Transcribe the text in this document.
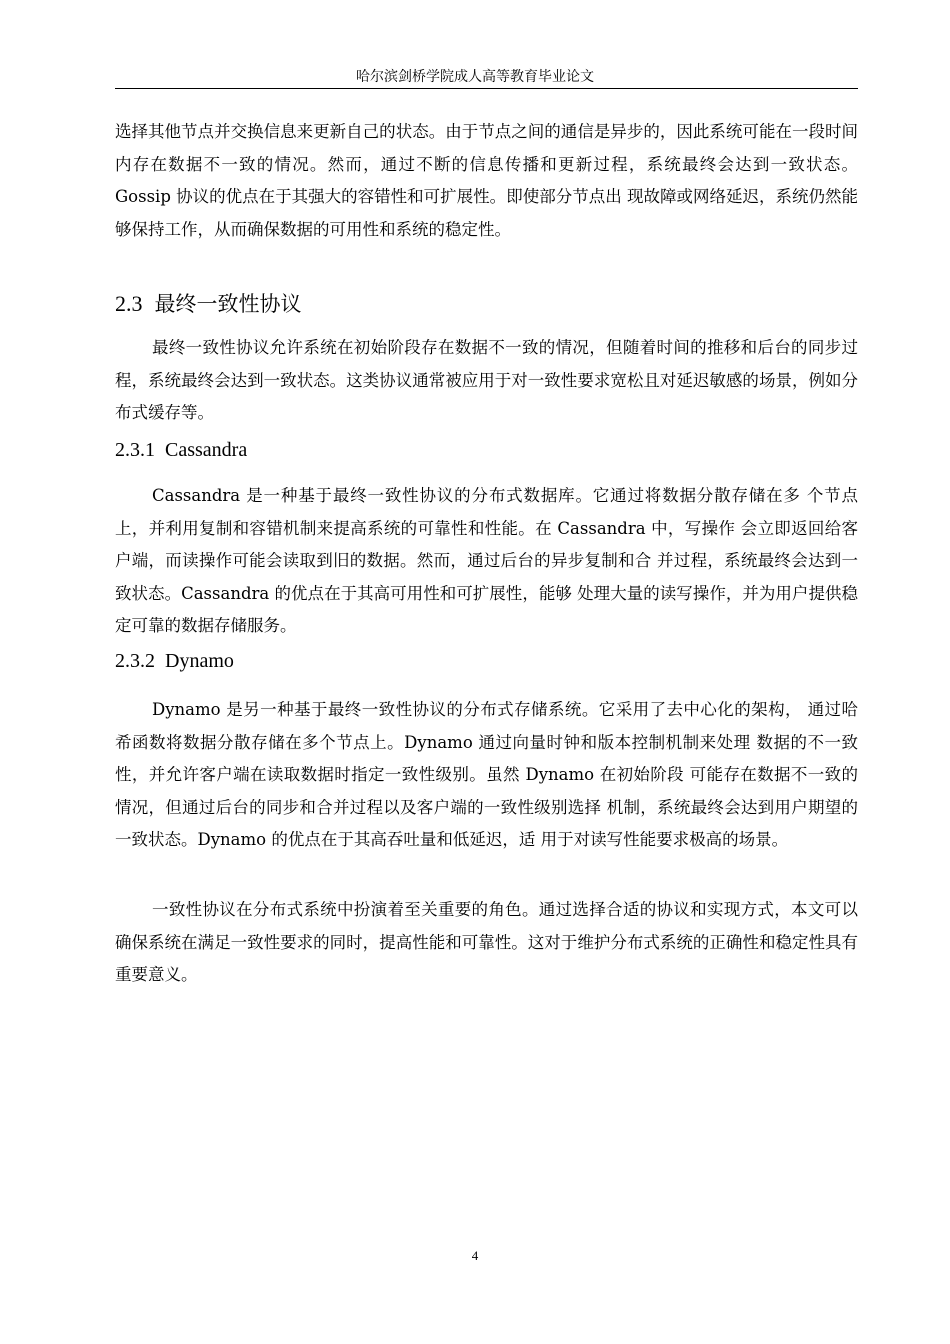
哈尔滨剑桥学院成人高等教育毕业论文

选择其他节点并交换信息来更新自己的状态。由于节点之间的通信是异步的，因此系统可能在一段时间内存在数据不一致的情况。然而，通过不断的信息传播和更新过程，系统最终会达到一致状态。Gossip 协议的优点在于其强大的容错性和可扩展性。即使部分节点出 现故障或网络延迟，系统仍然能够保持工作，从而确保数据的可用性和系统的稳定性。

2.3 最终一致性协议

最终一致性协议允许系统在初始阶段存在数据不一致的情况，但随着时间的推移和后台的同步过程，系统最终会达到一致状态。这类协议通常被应用于对一致性要求宽松且对延迟敏感的场景，例如分布式缓存等。

2.3.1 Cassandra

Cassandra 是一种基于最终一致性协议的分布式数据库。它通过将数据分散存储在多 个节点上，并利用复制和容错机制来提高系统的可靠性和性能。在 Cassandra 中，写操作 会立即返回给客户端，而读操作可能会读取到旧的数据。然而，通过后台的异步复制和合 并过程，系统最终会达到一致状态。Cassandra 的优点在于其高可用性和可扩展性，能够 处理大量的读写操作，并为用户提供稳定可靠的数据存储服务。

2.3.2 Dynamo

Dynamo 是另一种基于最终一致性协议的分布式存储系统。它采用了去中心化的架构， 通过哈希函数将数据分散存储在多个节点上。Dynamo 通过向量时钟和版本控制机制来处理 数据的不一致性，并允许客户端在读取数据时指定一致性级别。虽然 Dynamo 在初始阶段 可能存在数据不一致的情况，但通过后台的同步和合并过程以及客户端的一致性级别选择 机制，系统最终会达到用户期望的一致状态。Dynamo 的优点在于其高吞吐量和低延迟，适 用于对读写性能要求极高的场景。

一致性协议在分布式系统中扮演着至关重要的角色。通过选择合适的协议和实现方式，本文可以确保系统在满足一致性要求的同时，提高性能和可靠性。这对于维护分布式系统的正确性和稳定性具有重要意义。

4
